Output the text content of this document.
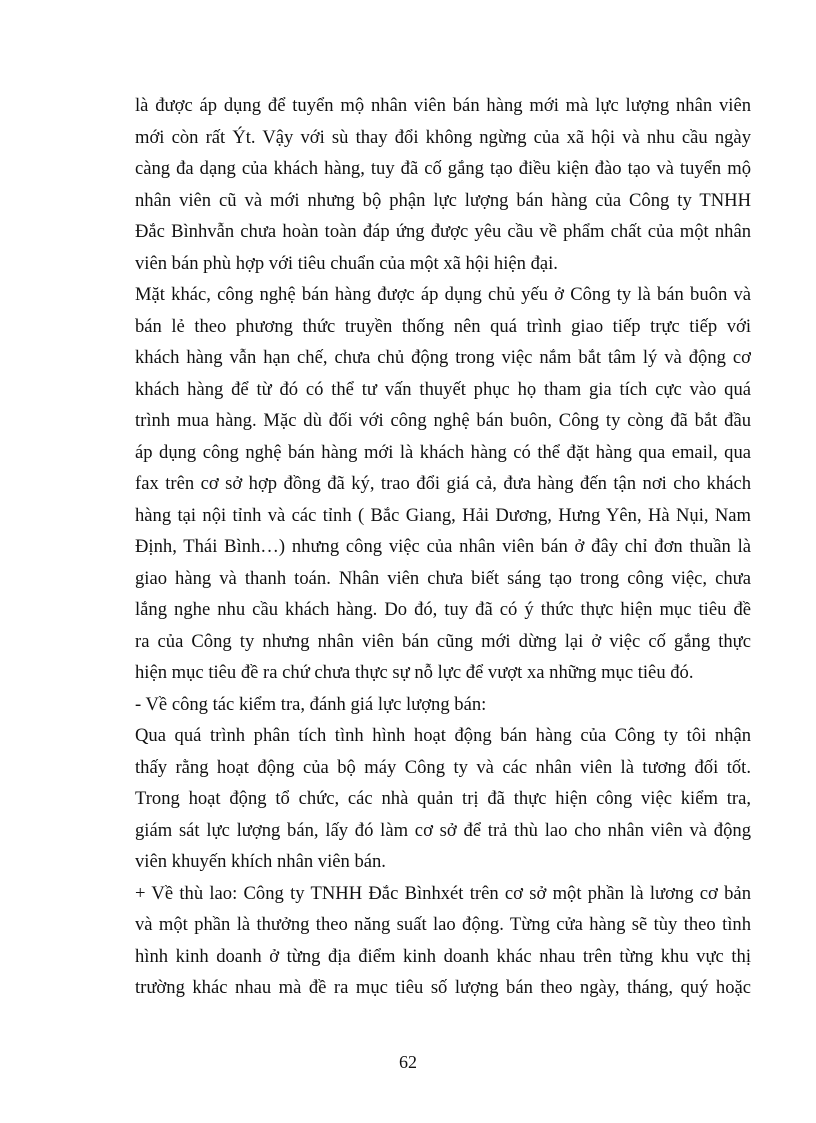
là được áp dụng để tuyển mộ nhân viên bán hàng mới mà lực lượng nhân viên
mới còn rất Ýt. Vậy với sù thay đổi không ngừng của xã hội và nhu cầu ngày
càng đa dạng của khách hàng, tuy đã cố gắng tạo điều kiện đào tạo và tuyển mộ
nhân viên cũ và mới nhưng bộ phận lực lượng bán hàng của Công ty TNHH
Đắc Bìnhvẫn chưa hoàn toàn đáp ứng được yêu cầu về phẩm chất của một nhân
viên bán phù hợp với tiêu chuẩn của một xã hội hiện đại.
Mặt khác, công nghệ bán hàng được áp dụng chủ yếu ở Công ty là bán buôn và
bán lẻ theo phương thức truyền thống nên quá trình giao tiếp trực tiếp với
khách hàng vẫn hạn chế, chưa chủ động trong việc nắm bắt tâm lý và động cơ
khách hàng để từ đó có thể tư vấn thuyết phục họ tham gia tích cực vào quá
trình mua hàng. Mặc dù đối với công nghệ bán buôn, Công ty còng đã bắt đầu
áp dụng công nghệ bán hàng mới là khách hàng có thể đặt hàng qua email, qua
fax trên cơ sở hợp đồng đã ký, trao đổi giá cả, đưa hàng đến tận nơi cho khách
hàng tại nội tỉnh và các tỉnh ( Bắc Giang, Hải Dương, Hưng Yên, Hà Nụi, Nam
Định, Thái Bình…) nhưng công việc của nhân viên bán ở đây chỉ đơn thuần là
giao hàng và thanh toán. Nhân viên chưa biết sáng tạo trong công việc, chưa
lắng nghe nhu cầu khách hàng. Do đó, tuy đã có ý thức thực hiện mục tiêu đề
ra của Công ty nhưng nhân viên bán cũng mới dừng lại ở việc cố gắng thực
hiện mục tiêu đề ra chứ chưa thực sự nỗ lực để vượt xa những mục tiêu đó.
- Về công tác kiểm tra, đánh giá lực lượng bán:
Qua quá trình phân tích tình hình hoạt động bán hàng của Công ty tôi nhận
thấy rằng hoạt động của bộ máy Công ty và các nhân viên là tương đối tốt.
Trong hoạt động tổ chức, các nhà quản trị đã thực hiện công việc kiểm tra,
giám sát lực lượng bán, lấy đó làm cơ sở để trả thù lao cho nhân viên và động
viên khuyến khích nhân viên bán.
+ Về thù lao: Công ty TNHH Đắc Bìnhxét trên cơ sở một phần là lương cơ bản
và một phần là thưởng theo năng suất lao động. Từng cửa hàng sẽ tùy theo tình
hình kinh doanh ở từng địa điểm kinh doanh khác nhau trên từng khu vực thị
trường khác nhau mà đề ra mục tiêu số lượng bán theo ngày, tháng, quý hoặc
62
